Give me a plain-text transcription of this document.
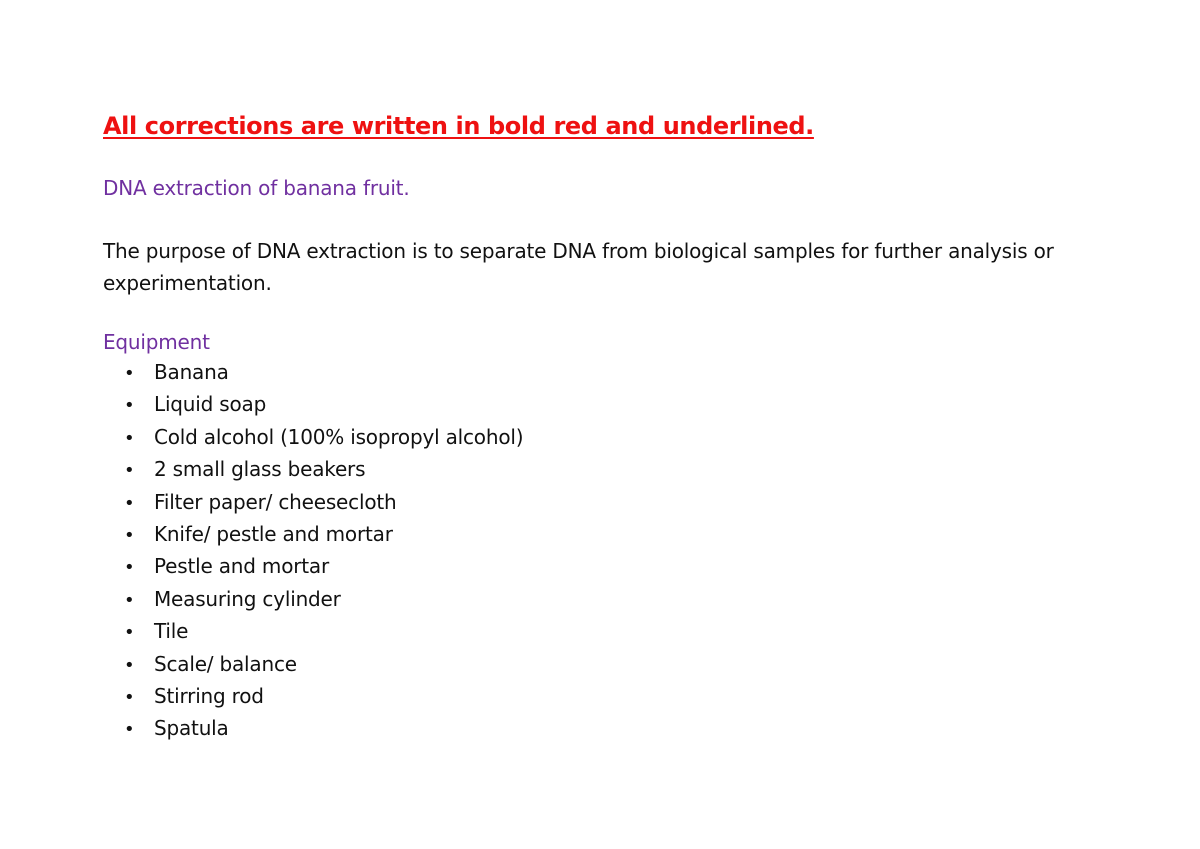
All corrections are written in bold red and underlined.

DNA extraction of banana fruit.

The purpose of DNA extraction is to separate DNA from biological samples for further analysis or experimentation.

Equipment
• Banana
• Liquid soap
• Cold alcohol (100% isopropyl alcohol)
• 2 small glass beakers
• Filter paper/ cheesecloth
• Knife/ pestle and mortar
• Pestle and mortar
• Measuring cylinder
• Tile
• Scale/ balance
• Stirring rod
• Spatula
